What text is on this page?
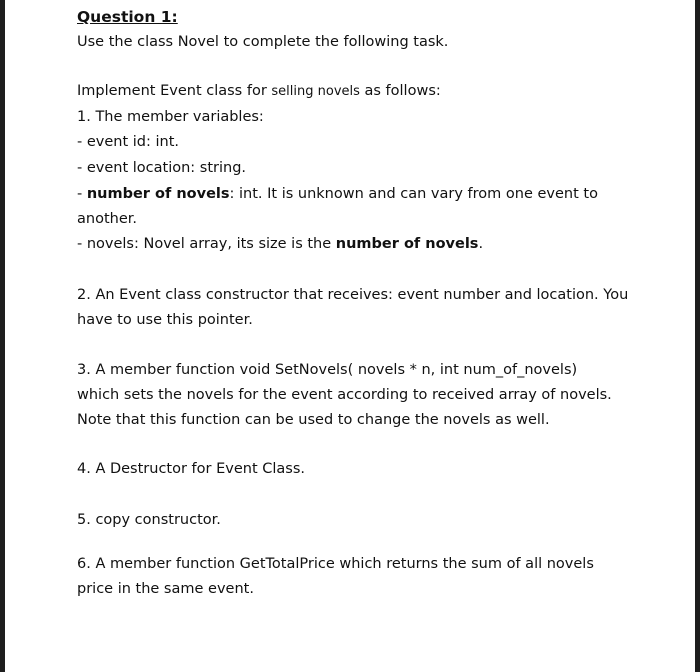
Question 1:
Use the class Novel to complete the following task.
Implement Event class for selling novels as follows:
1. The member variables:
- event id: int.
- event location: string.
- number of novels: int. It is unknown and can vary from one event to
another.
- novels: Novel array, its size is the number of novels.
2. An Event class constructor that receives: event number and location. You
have to use this pointer.
3. A member function void SetNovels( novels * n, int num_of_novels)
which sets the novels for the event according to received array of novels.
Note that this function can be used to change the novels as well.
4. A Destructor for Event Class.
5. copy constructor.
6. A member function GetTotalPrice which returns the sum of all novels
price in the same event.
